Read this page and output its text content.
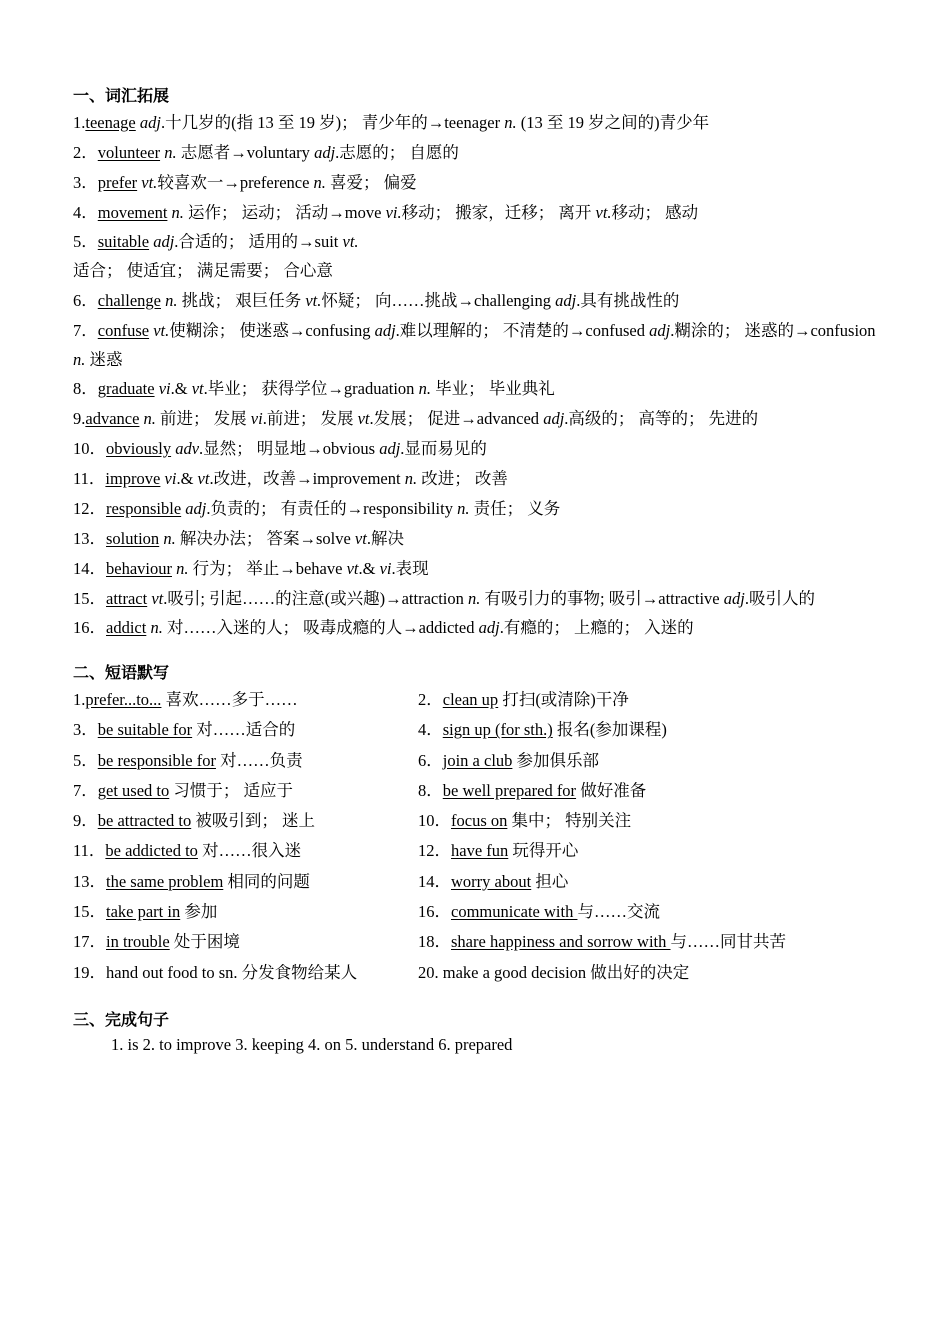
一、词汇拓展

1.teenage adj.十几岁的(指 13 至 19 岁)； 青少年的→teenager n. (13 至 19 岁之间的)青少年
2．volunteer n. 志愿者→voluntary adj.志愿的； 自愿的
3．prefer vt.较喜欢一→preference n. 喜爱； 偏爱
4．movement n. 运作； 运动； 活动→move vi.移动； 搬家，迁移； 离开 vt.移动； 感动
5．suitable adj.合适的； 适用的→suit vt.
适合； 使适宜； 满足需要； 合心意
6．challenge n. 挑战； 艰巨任务 vt.怀疑； 向……挑战→challenging adj.具有挑战性的
7．confuse vt.使糊涂； 使迷惑→confusing adj.难以理解的； 不清楚的→confused adj.糊涂的； 迷惑的→confusion n. 迷惑
8．graduate vi.& vt.毕业； 获得学位→graduation n. 毕业； 毕业典礼
9.advance n. 前进； 发展 vi.前进； 发展 vt.发展； 促进→advanced adj.高级的； 高等的； 先进的
10．obviously adv.显然； 明显地→obvious adj.显而易见的
11．improve vi.& vt.改进，改善→improvement n. 改进； 改善
12．responsible adj.负责的； 有责任的→responsibility n. 责任； 义务
13．solution n. 解决办法； 答案→solve vt.解决
14．behaviour n. 行为； 举止→behave vt.& vi.表现
15．attract vt.吸引; 引起……的注意(或兴趣)→attraction n. 有吸引力的事物; 吸引→attractive adj.吸引人的
16．addict n. 对……入迷的人； 吸毒成瘾的人→addicted adj.有瘾的； 上瘾的； 入迷的

二、短语默写

1.prefer...to... 喜欢……多于……	2．clean up 打扫(或清除)干净
3．be suitable for 对……适合的	4．sign up (for sth.) 报名(参加课程)
5．be responsible for 对……负责	6．join a club 参加俱乐部
7．get used to 习惯于； 适应于	8．be well prepared for 做好准备
9．be attracted to 被吸引到； 迷上	10．focus on 集中； 特别关注
11．be addicted to 对……很入迷	12．have fun 玩得开心
13．the same problem 相同的问题	14．worry about 担心
15．take part in 参加	16．communicate with 与……交流
17．in trouble 处于困境	18．share happiness and sorrow with 与……同甘共苦
19．hand out food to sn. 分发食物给某人	20. make a good decision 做出好的决定

三、完成句子

1. is 2. to improve 3. keeping 4. on 5. understand 6. prepared
